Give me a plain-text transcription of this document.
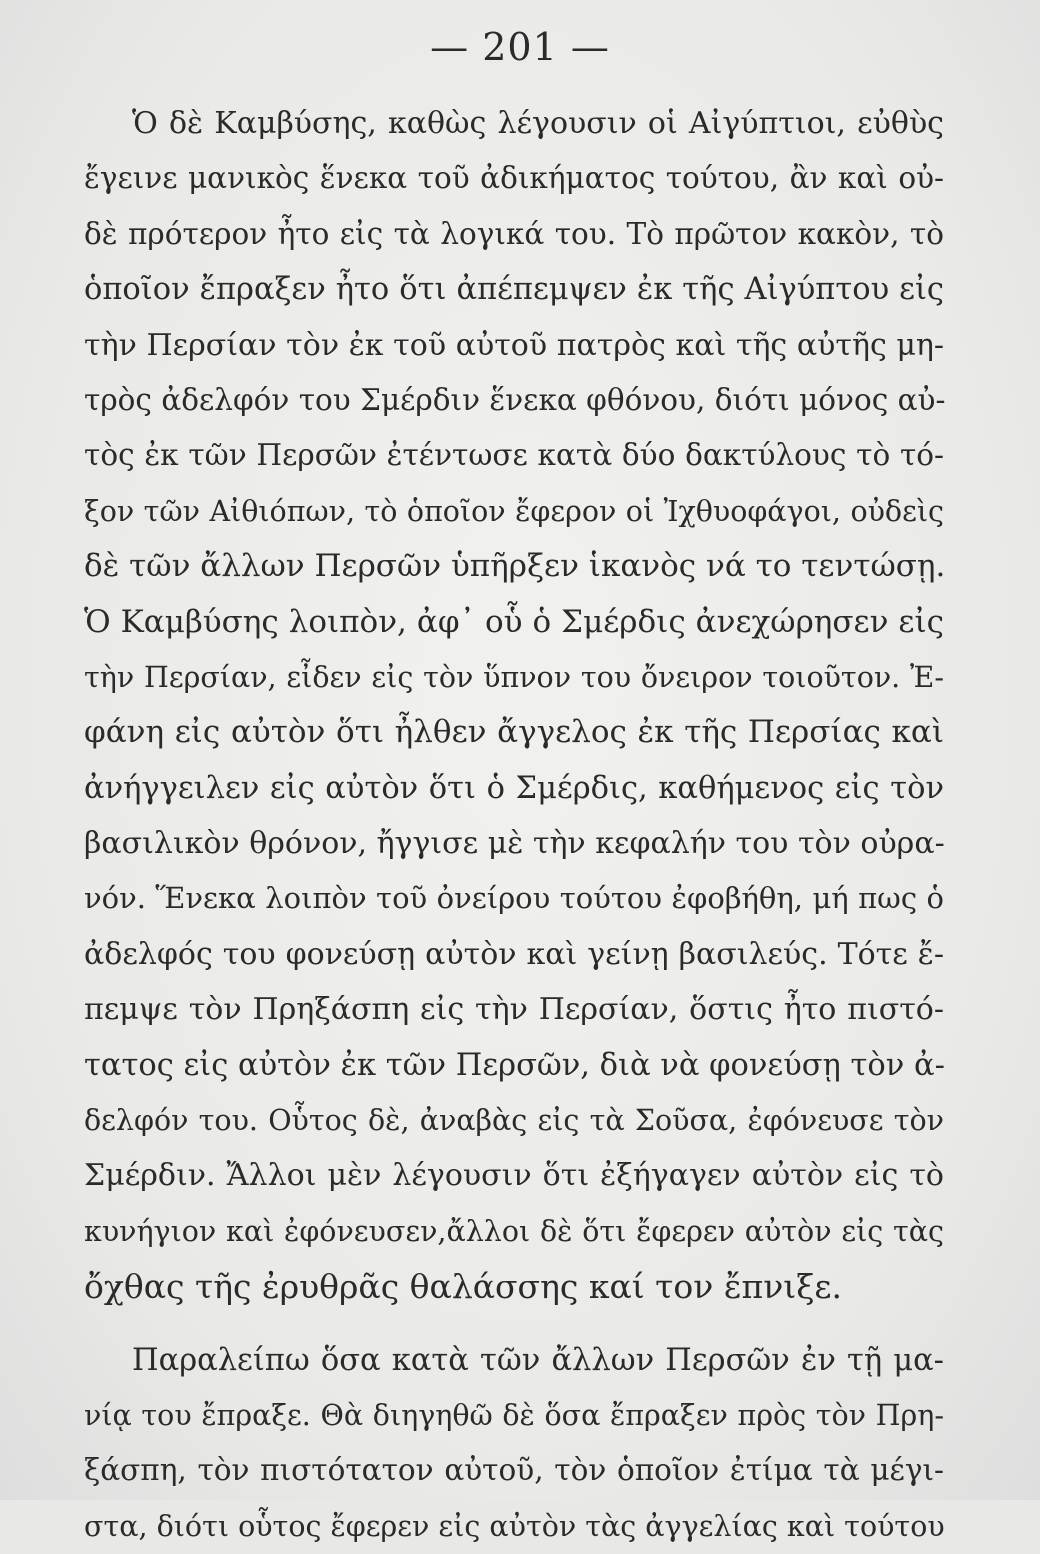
— 201 —
Ὁ δὲ Καμβύσης, καθὼς λέγουσιν οἱ Αἰγύπτιοι, εὐθὺς
ἔγεινε μανικὸς ἕνεκα τοῦ ἀδικήματος τούτου, ἂν καὶ οὐ-
δὲ πρότερον ἦτο εἰς τὰ λογικά του. Τὸ πρῶτον κακὸν, τὸ
ὁποῖον ἔπραξεν ἦτο ὅτι ἀπέπεμψεν ἐκ τῆς Αἰγύπτου εἰς
τὴν Περσίαν τὸν ἐκ τοῦ αὐτοῦ πατρὸς καὶ τῆς αὐτῆς μη-
τρὸς ἀδελφόν του Σμέρδιν ἕνεκα φθόνου, διότι μόνος αὐ-
τὸς ἐκ τῶν Περσῶν ἐτέντωσε κατὰ δύο δακτύλους τὸ τό-
ξον τῶν Αἰθιόπων, τὸ ὁποῖον ἔφερον οἱ Ἰχθυοφάγοι, οὐδεὶς
δὲ τῶν ἄλλων Περσῶν ὑπῆρξεν ἱκανὸς νά το τεντώσῃ.
Ὁ Καμβύσης λοιπὸν, ἀφ᾽ οὗ ὁ Σμέρδις ἀνεχώρησεν εἰς
τὴν Περσίαν, εἶδεν εἰς τὸν ὕπνον του ὄνειρον τοιοῦτον. Ἐ-
φάνη εἰς αὐτὸν ὅτι ἦλθεν ἄγγελος ἐκ τῆς Περσίας καὶ
ἀνήγγειλεν εἰς αὐτὸν ὅτι ὁ Σμέρδις, καθήμενος εἰς τὸν
βασιλικὸν θρόνον, ἤγγισε μὲ τὴν κεφαλήν του τὸν οὐρα-
νόν. Ἕνεκα λοιπὸν τοῦ ὀνείρου τούτου ἐφοβήθη, μή πως ὁ
ἀδελφός του φονεύσῃ αὐτὸν καὶ γείνῃ βασιλεύς. Τότε ἔ-
πεμψε τὸν Πρηξάσπη εἰς τὴν Περσίαν, ὅστις ἦτο πιστό-
τατος εἰς αὐτὸν ἐκ τῶν Περσῶν, διὰ νὰ φονεύσῃ τὸν ἀ-
δελφόν του. Οὗτος δὲ, ἀναβὰς εἰς τὰ Σοῦσα, ἐφόνευσε τὸν
Σμέρδιν. Ἄλλοι μὲν λέγουσιν ὅτι ἐξήγαγεν αὐτὸν εἰς τὸ
κυνήγιον καὶ ἐφόνευσεν,ἄλλοι δὲ ὅτι ἔφερεν αὐτὸν εἰς τὰς
ὄχθας τῆς ἐρυθρᾶς θαλάσσης καί τον ἔπνιξε.
Παραλείπω ὅσα κατὰ τῶν ἄλλων Περσῶν ἐν τῇ μα-
νίᾳ του ἔπραξε. Θὰ διηγηθῶ δὲ ὅσα ἔπραξεν πρὸς τὸν Πρη-
ξάσπη, τὸν πιστότατον αὐτοῦ, τὸν ὁποῖον ἐτίμα τὰ μέγι-
στα, διότι οὗτος ἔφερεν εἰς αὐτὸν τὰς ἀγγελίας καὶ τούτου
